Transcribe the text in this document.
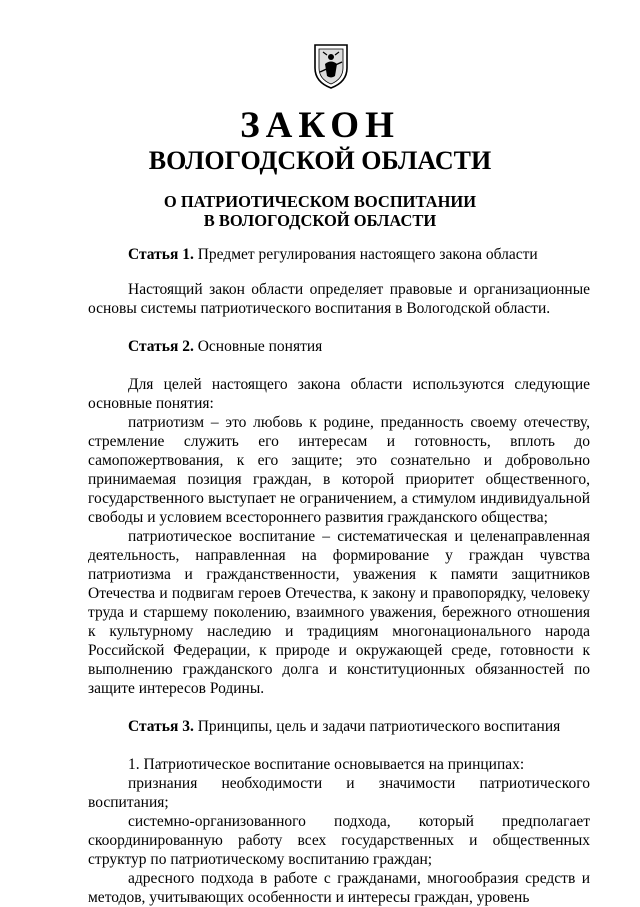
ЗАКОН
ВОЛОГОДСКОЙ ОБЛАСТИ
О ПАТРИОТИЧЕСКОМ ВОСПИТАНИИ
В ВОЛОГОДСКОЙ ОБЛАСТИ

Статья 1. Предмет регулирования настоящего закона области

Настоящий закон области определяет правовые и организационные основы системы патриотического воспитания в Вологодской области.

Статья 2. Основные понятия

Для целей настоящего закона области используются следующие основные понятия:

патриотизм – это любовь к родине, преданность своему отечеству, стремление служить его интересам и готовность, вплоть до самопожертвования, к его защите; это сознательно и добровольно принимаемая позиция граждан, в которой приоритет общественного, государственного выступает не ограничением, а стимулом индивидуальной свободы и условием всестороннего развития гражданского общества;

патриотическое воспитание – систематическая и целенаправленная деятельность, направленная на формирование у граждан чувства патриотизма и гражданственности, уважения к памяти защитников Отечества и подвигам героев Отечества, к закону и правопорядку, человеку труда и старшему поколению, взаимного уважения, бережного отношения к культурному наследию и традициям многонационального народа Российской Федерации, к природе и окружающей среде, готовности к выполнению гражданского долга и конституционных обязанностей по защите интересов Родины.

Статья 3. Принципы, цель и задачи патриотического воспитания

1. Патриотическое воспитание основывается на принципах:

признания необходимости и значимости патриотического воспитания;

системно-организованного подхода, который предполагает скоординированную работу всех государственных и общественных структур по патриотическому воспитанию граждан;

адресного подхода в работе с гражданами, многообразия средств и методов, учитывающих особенности и интересы граждан, уровень
